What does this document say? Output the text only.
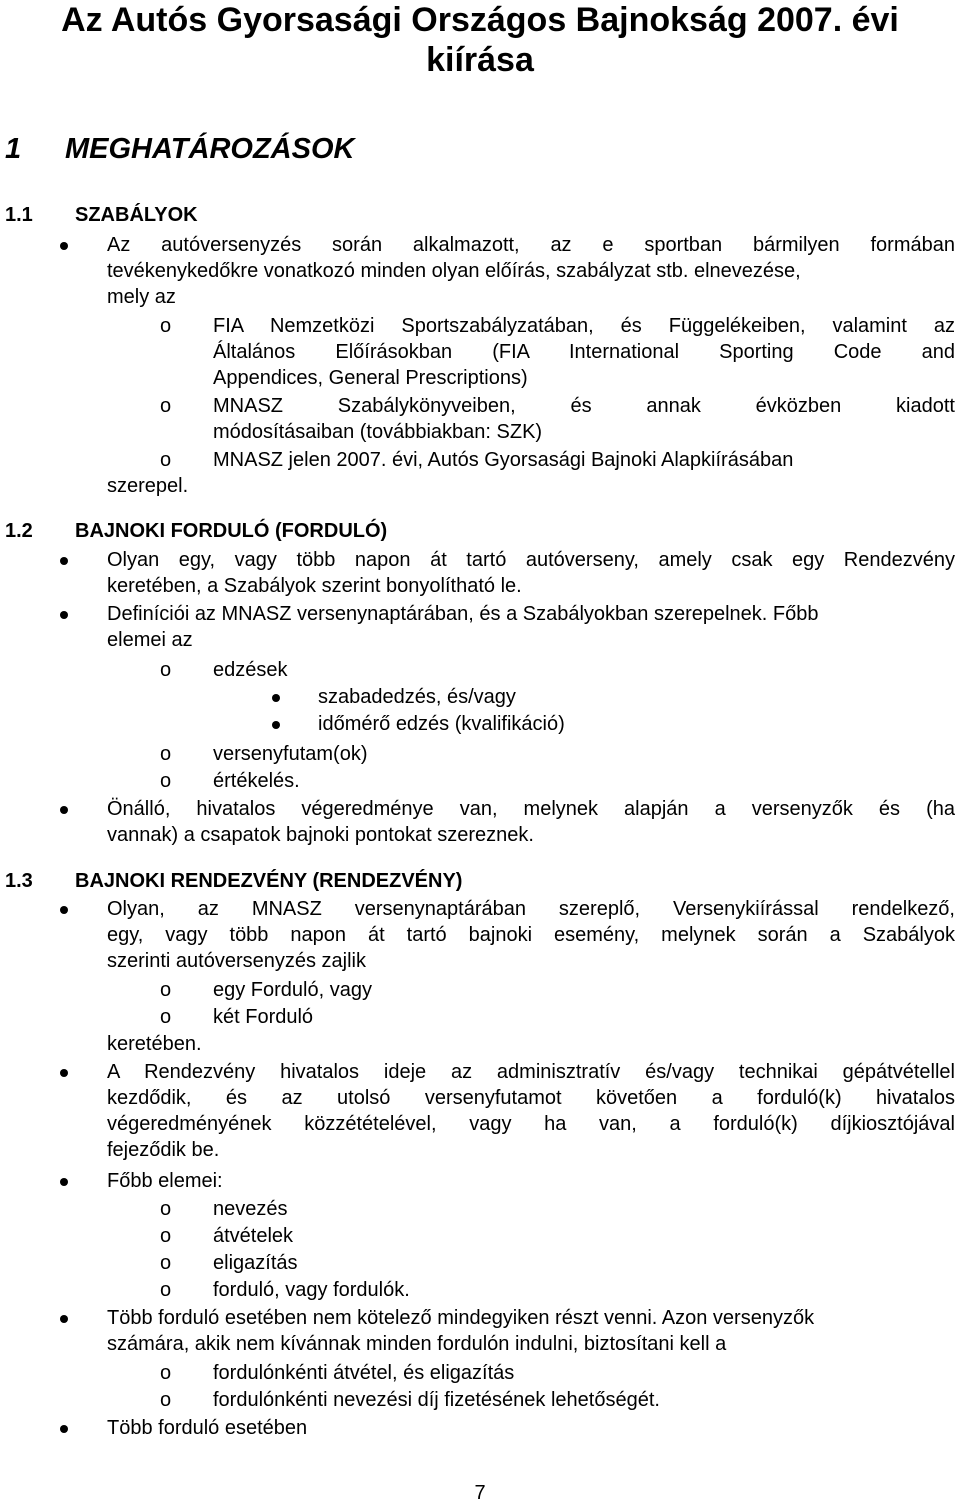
Az Autós Gyorsasági Országos Bajnokság 2007. évi
kiírása
1 MEGHATÁROZÁSOK
1.1 SZABÁLYOK
Az autóversenyzés során alkalmazott, az e sportban bármilyen formában
tevékenykedőkre vonatkozó minden olyan előírás, szabályzat stb. elnevezése,
mely az
o FIA Nemzetközi Sportszabályzatában, és Függelékeiben, valamint az
Általános Előírásokban (FIA International Sporting Code and
Appendices, General Prescriptions)
o MNASZ Szabálykönyveiben, és annak évközben kiadott
módosításaiban (továbbiakban: SZK)
o MNASZ jelen 2007. évi, Autós Gyorsasági Bajnoki Alapkiírásában
szerepel.
1.2 BAJNOKI FORDULÓ (FORDULÓ)
Olyan egy, vagy több napon át tartó autóverseny, amely csak egy Rendezvény
keretében, a Szabályok szerint bonyolítható le.
Definíciói az MNASZ versenynaptárában, és a Szabályokban szerepelnek. Főbb
elemei az
o edzések
szabadedzés, és/vagy
időmérő edzés (kvalifikáció)
o versenyfutam(ok)
o értékelés.
Önálló, hivatalos végeredménye van, melynek alapján a versenyzők és (ha
vannak) a csapatok bajnoki pontokat szereznek.
1.3 BAJNOKI RENDEZVÉNY (RENDEZVÉNY)
Olyan, az MNASZ versenynaptárában szereplő, Versenykiírással rendelkező,
egy, vagy több napon át tartó bajnoki esemény, melynek során a Szabályok
szerinti autóversenyzés zajlik
o egy Forduló, vagy
o két Forduló
keretében.
A Rendezvény hivatalos ideje az adminisztratív és/vagy technikai gépátvétellel
kezdődik, és az utolsó versenyfutamot követően a forduló(k) hivatalos
végeredményének közzétételével, vagy ha van, a forduló(k) díjkiosztójával
fejeződik be.
Főbb elemei:
o nevezés
o átvételek
o eligazítás
o forduló, vagy fordulók.
Több forduló esetében nem kötelező mindegyiken részt venni. Azon versenyzők
számára, akik nem kívánnak minden fordulón indulni, biztosítani kell a
o fordulónkénti átvétel, és eligazítás
o fordulónkénti nevezési díj fizetésének lehetőségét.
Több forduló esetében
7
